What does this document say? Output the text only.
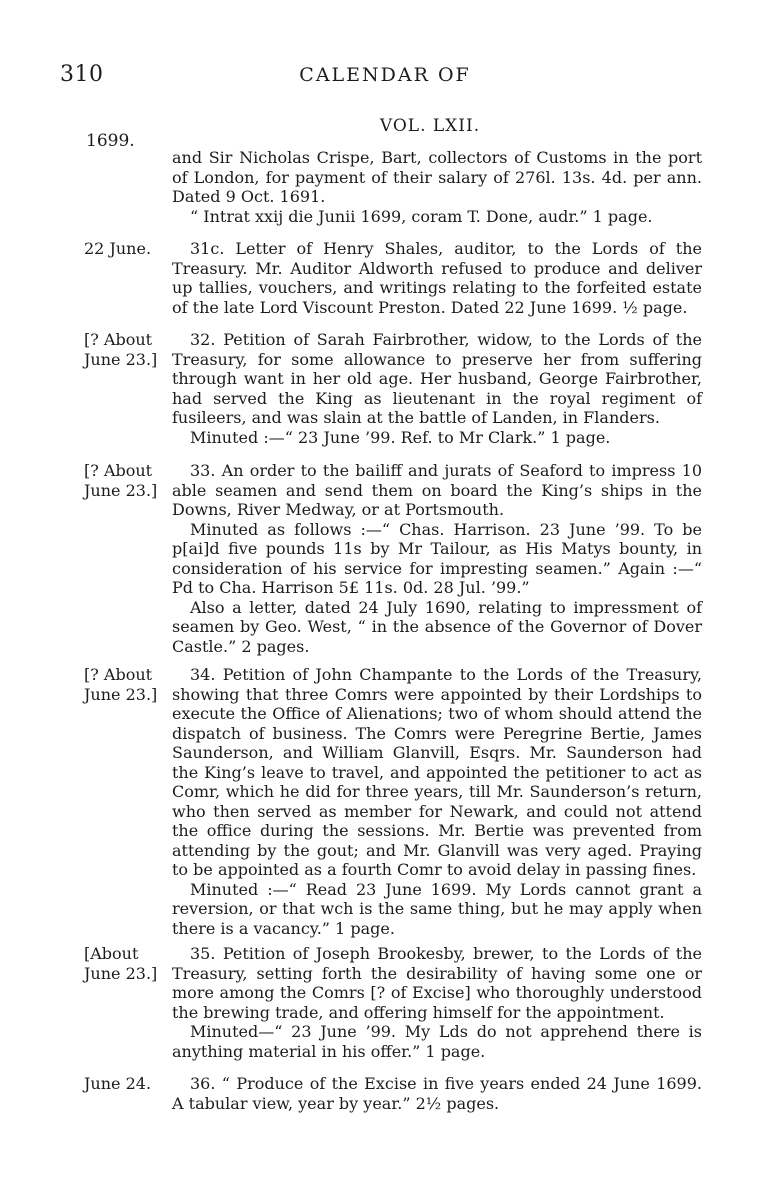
310	CALENDAR OF
VOL. LXII.
1699.

and Sir Nicholas Crispe, Bart, collectors of Customs in the port of London, for payment of their salary of 276l. 13s. 4d. per ann. Dated 9 Oct. 1691.

“ Intrat xxij die Junii 1699, coram T. Done, audr.” 1 page.

22 June.	31c. Letter of Henry Shales, auditor, to the Lords of the Treasury. Mr. Auditor Aldworth refused to produce and deliver up tallies, vouchers, and writings relating to the forfeited estate of the late Lord Viscount Preston. Dated 22 June 1699. ½ page.

[? About June 23.]

32. Petition of Sarah Fairbrother, widow, to the Lords of the Treasury, for some allowance to preserve her from suffering through want in her old age. Her husband, George Fairbrother, had served the King as lieutenant in the royal regiment of fusileers, and was slain at the battle of Landen, in Flanders.

Minuted :—“ 23 June ’99. Ref. to Mr Clark.” 1 page.

[? About June 23.]

33. An order to the bailiff and jurats of Seaford to impress 10 able seamen and send them on board the King’s ships in the Downs, River Medway, or at Portsmouth.

Minuted as follows :—“ Chas. Harrison. 23 June ’99. To be p[ai]d five pounds 11s by Mr Tailour, as His Matys bounty, in consideration of his service for impresting seamen.” Again :—“ Pd to Cha. Harrison 5£ 11s. 0d. 28 Jul. ’99.”

Also a letter, dated 24 July 1690, relating to impressment of seamen by Geo. West, “ in the absence of the Governor of Dover Castle.” 2 pages.

[? About June 23.]

34. Petition of John Champante to the Lords of the Treasury, showing that three Comrs were appointed by their Lordships to execute the Office of Alienations; two of whom should attend the dispatch of business. The Comrs were Peregrine Bertie, James Saunderson, and William Glanvill, Esqrs. Mr. Saunderson had the King’s leave to travel, and appointed the petitioner to act as Comr, which he did for three years, till Mr. Saunderson’s return, who then served as member for Newark, and could not attend the office during the sessions. Mr. Bertie was prevented from attending by the gout; and Mr. Glanvill was very aged. Praying to be appointed as a fourth Comr to avoid delay in passing fines.

Minuted :—“ Read 23 June 1699. My Lords cannot grant a reversion, or that wch is the same thing, but he may apply when there is a vacancy.” 1 page.

[About June 23.]

35. Petition of Joseph Brookesby, brewer, to the Lords of the Treasury, setting forth the desirability of having some one or more among the Comrs [? of Excise] who thoroughly understood the brewing trade, and offering himself for the appointment.

Minuted—“ 23 June ’99. My Lds do not apprehend there is anything material in his offer.” 1 page.

June 24.	36. “ Produce of the Excise in five years ended 24 June 1699. A tabular view, year by year.” 2½ pages.
